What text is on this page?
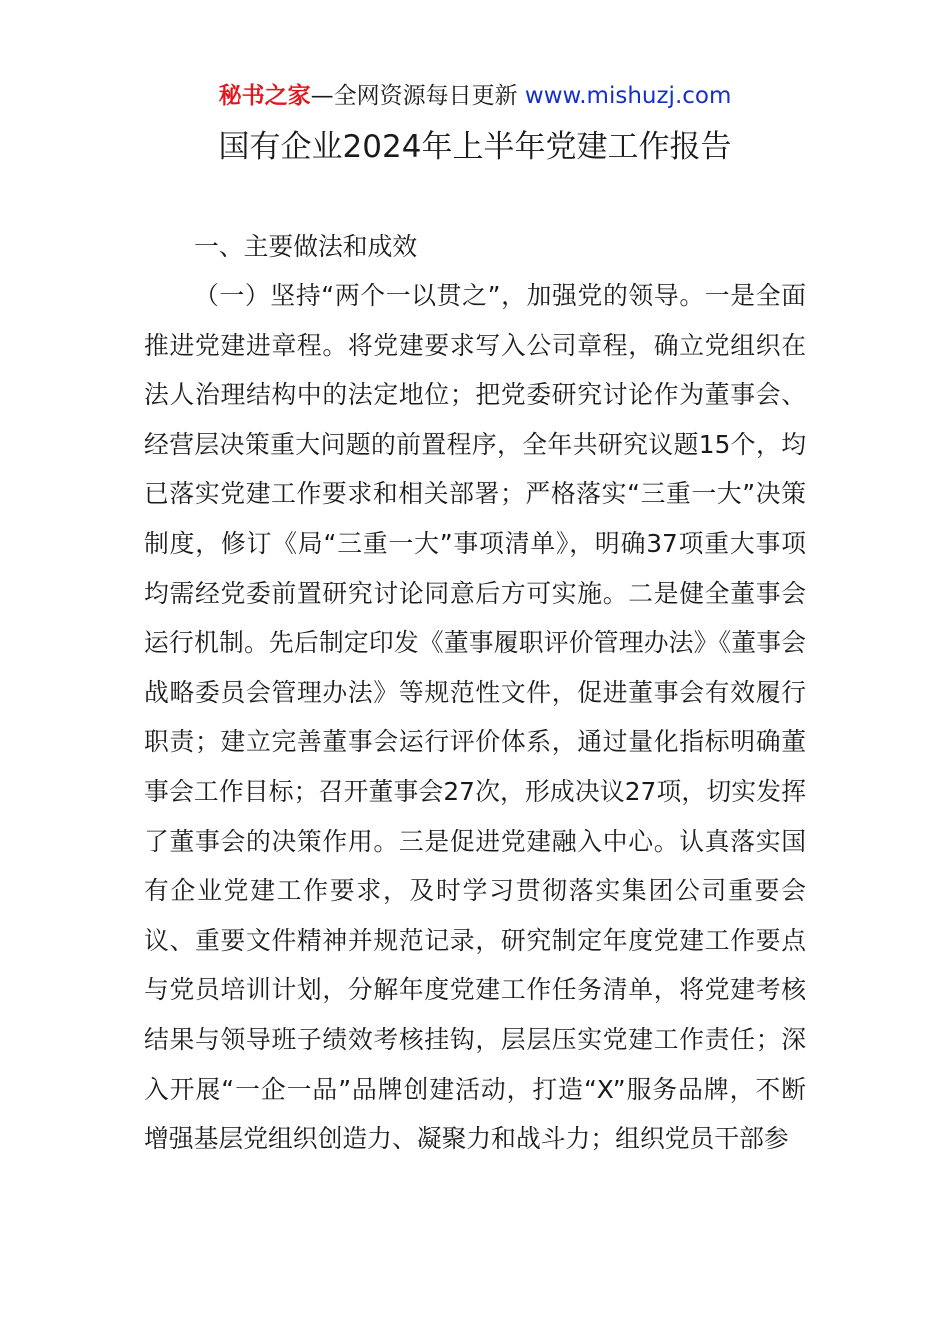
秘书之家—全网资源每日更新 www.mishuzj.com
国有企业2024年上半年党建工作报告
一、主要做法和成效
（一）坚持“两个一以贯之”，加强党的领导。一是全面推进党建进章程。将党建要求写入公司章程，确立党组织在法人治理结构中的法定地位；把党委研究讨论作为董事会、经营层决策重大问题的前置程序，全年共研究议题15个，均已落实党建工作要求和相关部署；严格落实“三重一大”决策制度，修订《局“三重一大”事项清单》，明确37项重大事项均需经党委前置研究讨论同意后方可实施。二是健全董事会运行机制。先后制定印发《董事履职评价管理办法》《董事会战略委员会管理办法》等规范性文件，促进董事会有效履行职责；建立完善董事会运行评价体系，通过量化指标明确董事会工作目标；召开董事会27次，形成决议27项，切实发挥了董事会的决策作用。三是促进党建融入中心。认真落实国有企业党建工作要求，及时学习贯彻落实集团公司重要会议、重要文件精神并规范记录，研究制定年度党建工作要点与党员培训计划，分解年度党建工作任务清单，将党建考核结果与领导班子绩效考核挂钩，层层压实党建工作责任；深入开展“一企一品”品牌创建活动，打造“X”服务品牌，不断增强基层党组织创造力、凝聚力和战斗力；组织党员干部参
